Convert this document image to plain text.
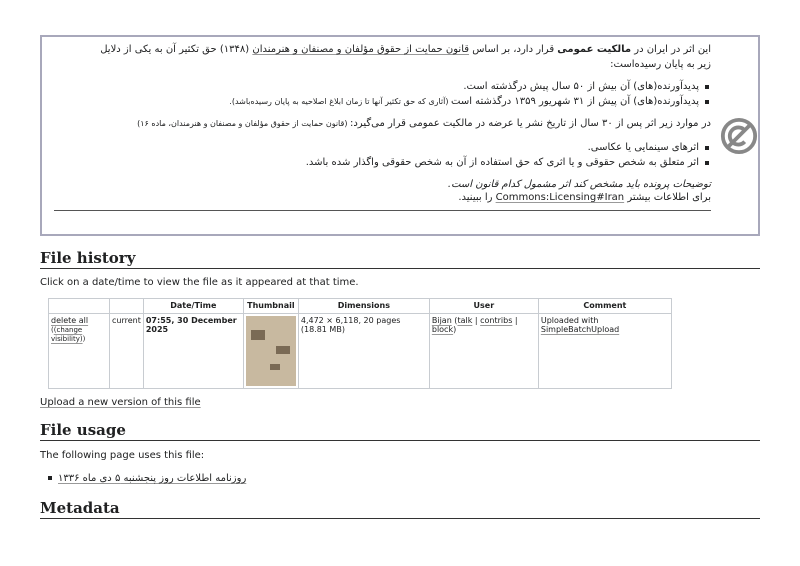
این اثر در ایران در مالکیت عمومی قرار دارد، بر اساس قانون حمایت از حقوق مؤلفان و مصنفان و هنرمندان (۱۳۴۸) حق تکثیر آن به یکی از دلایل زیر به پایان رسیده‌است:
پدیدآورنده(های) آن بیش از ۵۰ سال پیش درگذشته است.
پدیدآورنده(های) آن پیش از ۳۱ شهریور ۱۳۵۹ درگذشته است (آثاری که حق تکثیر آنها تا زمان ابلاغ اصلاحیه به پایان رسیده‌باشد).
در موارد زیر اثر پس از ۳۰ سال از تاریخ نشر یا عرضه در مالکیت عمومی قرار می‌گیرد: (قانون حمایت از حقوق مؤلفان و مصنفان و هنرمندان، ماده ۱۶)
اثرهای سینمایی یا عکاسی.
اثر متعلق به شخص حقوقی و یا اثری که حق استفاده از آن به شخص حقوقی واگذار شده باشد.
توضیحات پرونده باید مشخص کند اثر مشمول کدام قانون است.
برای اطلاعات بیشتر Commons:Licensing#Iran را ببینید.
File history
Click on a date/time to view the file as it appeared at that time.
		Date/Time	Thumbnail	Dimensions	User	Comment
delete all
((change visibility))	current	07:55, 30 December 2025		4,472 × 6,118, 20 pages (18.81 MB)	Bijan (talk | contribs | block)	Uploaded with SimpleBatchUpload
Upload a new version of this file
File usage
The following page uses this file:
روزنامه اطلاعات روز پنجشنبه ۵ دی ماه ۱۳۳۶
Metadata
